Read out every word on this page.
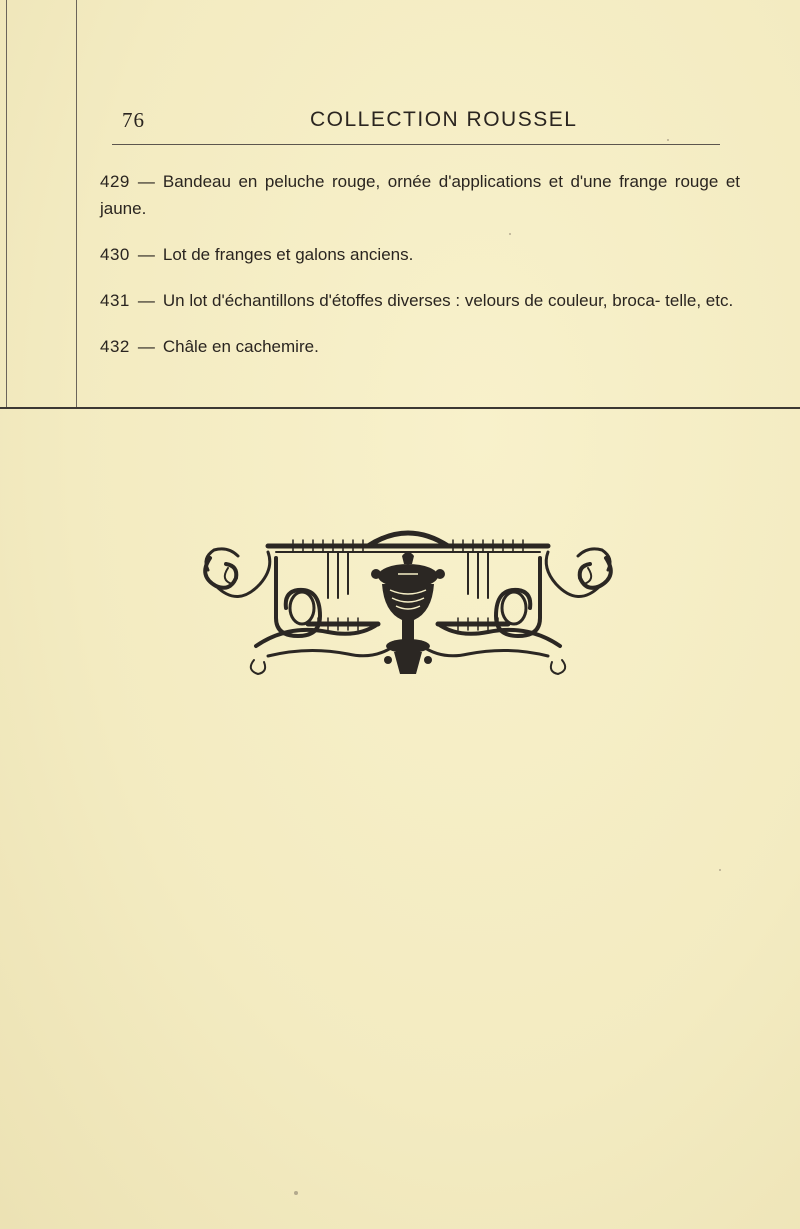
76	COLLECTION ROUSSEL

429 — Bandeau en peluche rouge, ornée d'applications et d'une frange rouge et jaune.

430 — Lot de franges et galons anciens.

431 — Un lot d'échantillons d'étoffes diverses : velours de couleur, broca- telle, etc.

432 — Châle en cachemire.
